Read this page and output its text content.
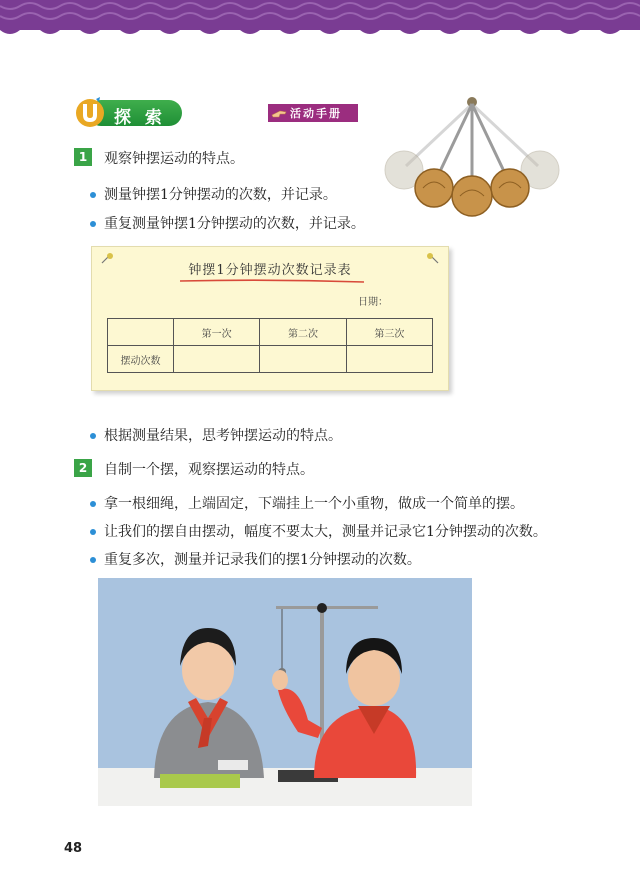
探 索	活动手册
1	观察钟摆运动的特点。
测量钟摆1分钟摆动的次数，并记录。
重复测量钟摆1分钟摆动的次数，并记录。
钟摆1分钟摆动次数记录表
日期：
	第一次	第二次	第三次
摆动次数			
根据测量结果，思考钟摆运动的特点。
2	自制一个摆，观察摆运动的特点。
拿一根细绳，上端固定，下端挂上一个小重物，做成一个简单的摆。
让我们的摆自由摆动，幅度不要太大，测量并记录它1分钟摆动的次数。
重复多次，测量并记录我们的摆1分钟摆动的次数。
48
